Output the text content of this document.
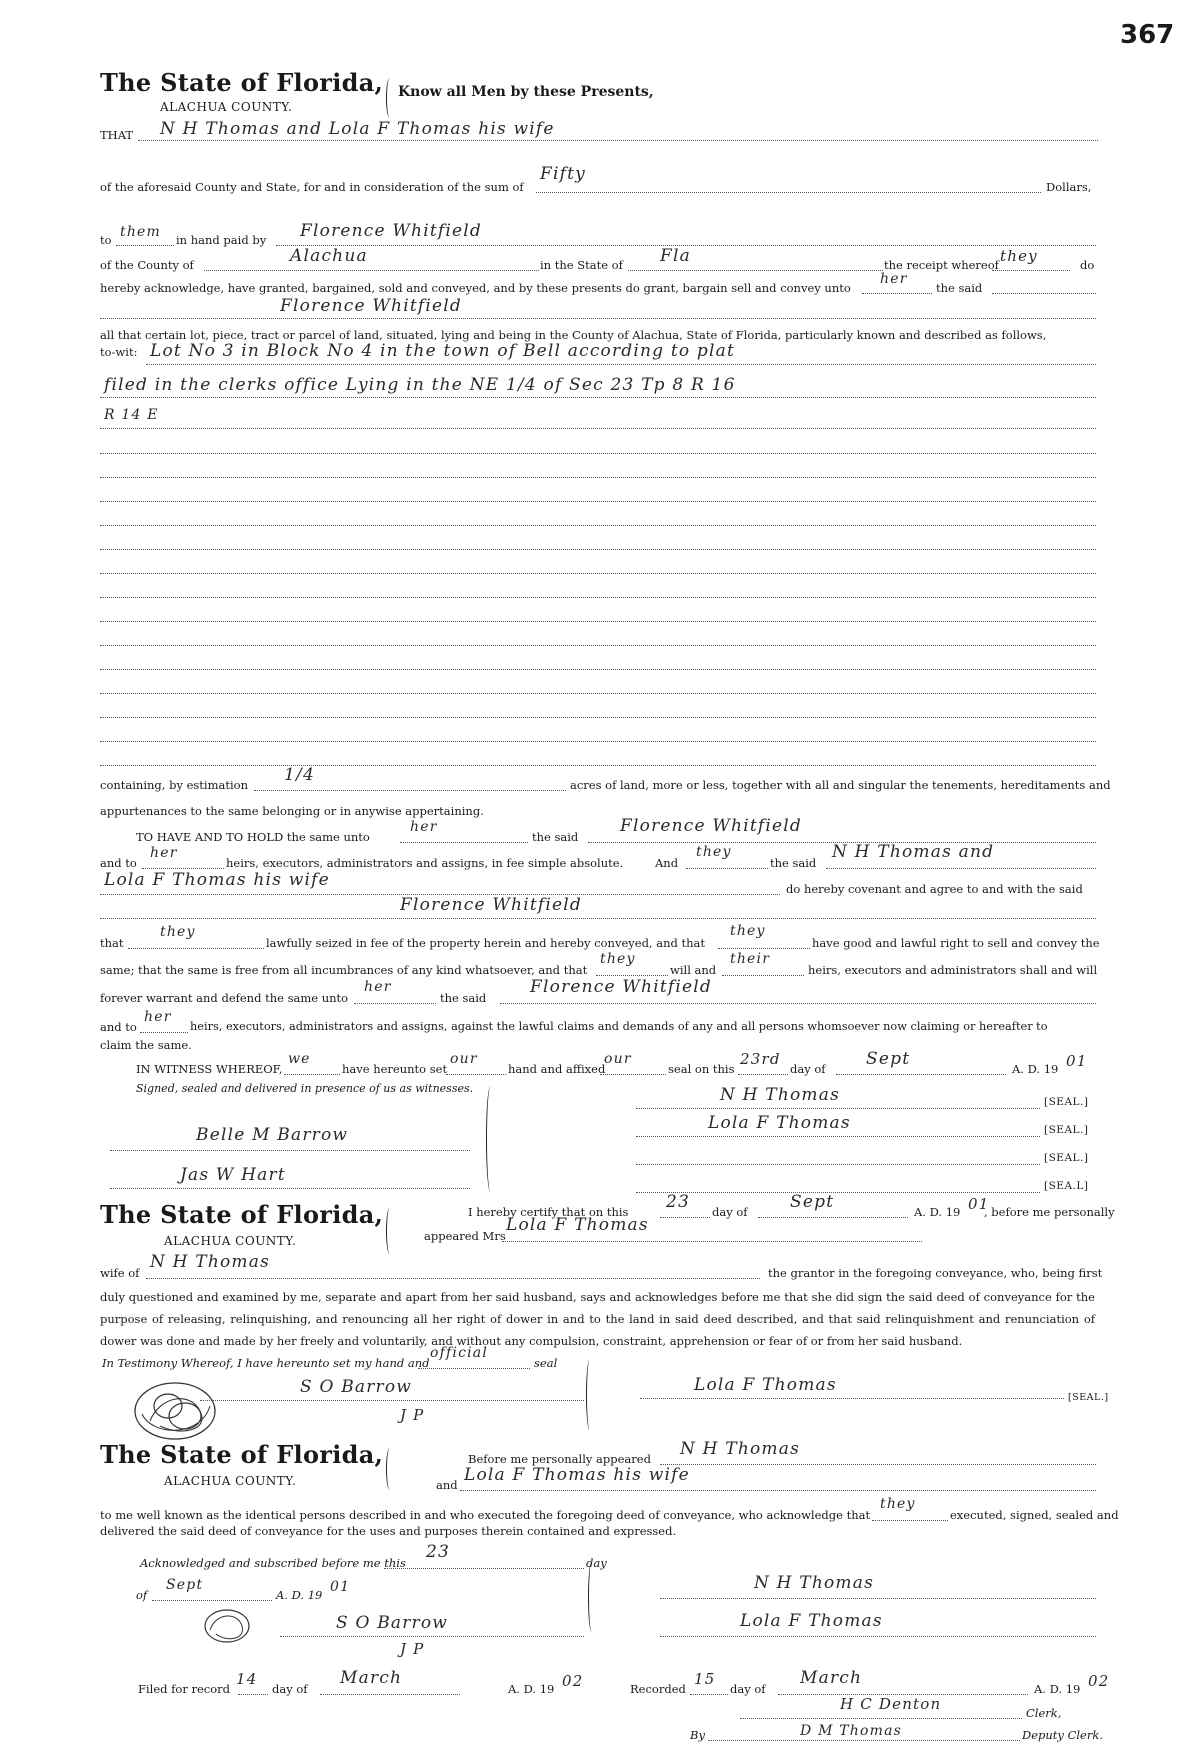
367
The State of Florida,
ALACHUA COUNTY.
Know all Men by these Presents,
THAT N H Thomas and Lola F Thomas his wife
of the aforesaid County and State, for and in consideration of the sum of
Fifty
Dollars,
to them in hand paid by Florence Whitfield
of the County of	Alachua	in the State of Fla	the receipt whereof they	do
hereby acknowledge, have granted, bargained, sold and conveyed, and by these presents do grant, bargain sell and convey unto
her
the said
Florence Whitfield
all that certain lot, piece, tract or parcel of land, situated, lying and being in the County of Alachua, State of Florida, particularly known and described as follows,
to-wit: Lot No 3 in Block No 4 in the town of Bell according to plat
filed in the clerks office Lying in the NE 1/4 of Sec 23 Tp 8 R 16
R 14 E
containing, by estimation 1/4	acres of land, more or less, together with all and singular the tenements, hereditaments and
appurtenances to the same belonging or in anywise appertaining.
TO HAVE AND TO HOLD the same unto
her
the said
Florence Whitfield
and to
her
heirs, executors, administrators and assigns, in fee simple absolute.	And
they
the said
N H Thomas and
Lola F Thomas his wife	do hereby covenant and agree to and with the said
Florence Whitfield
that
they
lawfully seized in fee of the property herein and hereby conveyed, and that
they
have good and lawful right to sell and convey the
same; that the same is free from all incumbrances of any kind whatsoever, and that
they
will and
their
heirs, executors and administrators shall and will
forever warrant and defend the same unto
her
the said
Florence Whitfield
and to
her
heirs, executors, administrators and assigns, against the lawful claims and demands of any and all persons whomsoever now claiming or hereafter to
claim the same.
IN WITNESS WHEREOF,
we
have hereunto set
our
hand and affixed
our
seal on this
23rd
day of Sept	A. D. 19 01
Signed, sealed and delivered in presence of us as witnesses.
Belle M Barrow
Jas W Hart
N H Thomas	[SEAL.]
Lola F Thomas	[SEAL.]
[SEAL.]
[SEA.L]
The State of Florida,
ALACHUA COUNTY.
I hereby certify that on this 23 day of Sept	A. D. 19 01
, before me personally
appeared Mrs
Lola F Thomas
wife of
N H Thomas
the grantor in the foregoing conveyance, who, being first
duly questioned and examined by me, separate and apart from her said husband, says and acknowledges before me that she did sign the said deed of conveyance for the purpose of releasing, relinquishing, and renouncing all her right of dower in and to the land in said deed described, and that said relinquishment and renunciation of dower was done and made by her freely and voluntarily, and without any compulsion, constraint, apprehension or fear of or from her said husband.
In Testimony Whereof, I have hereunto set my hand and
official
seal
S O Barrow
J P
Lola F Thomas
[SEAL.]
The State of Florida,
ALACHUA COUNTY.
Before me personally appeared N H Thomas
and Lola F Thomas his wife
to me well known as the identical persons described in and who executed the foregoing deed of conveyance, who acknowledge that
they
executed, signed, sealed and
delivered the said deed of conveyance for the uses and purposes therein contained and expressed.
Acknowledged and subscribed before me this
23
day
of
Sept
A. D. 19 01
S O Barrow
J P
N H Thomas
Lola F Thomas
Filed for record
14
day of
March
A. D. 19 02	Recorded
15
day of
March
A. D. 19 02
H C Denton	Clerk,
By	D M Thomas	Deputy Clerk.
